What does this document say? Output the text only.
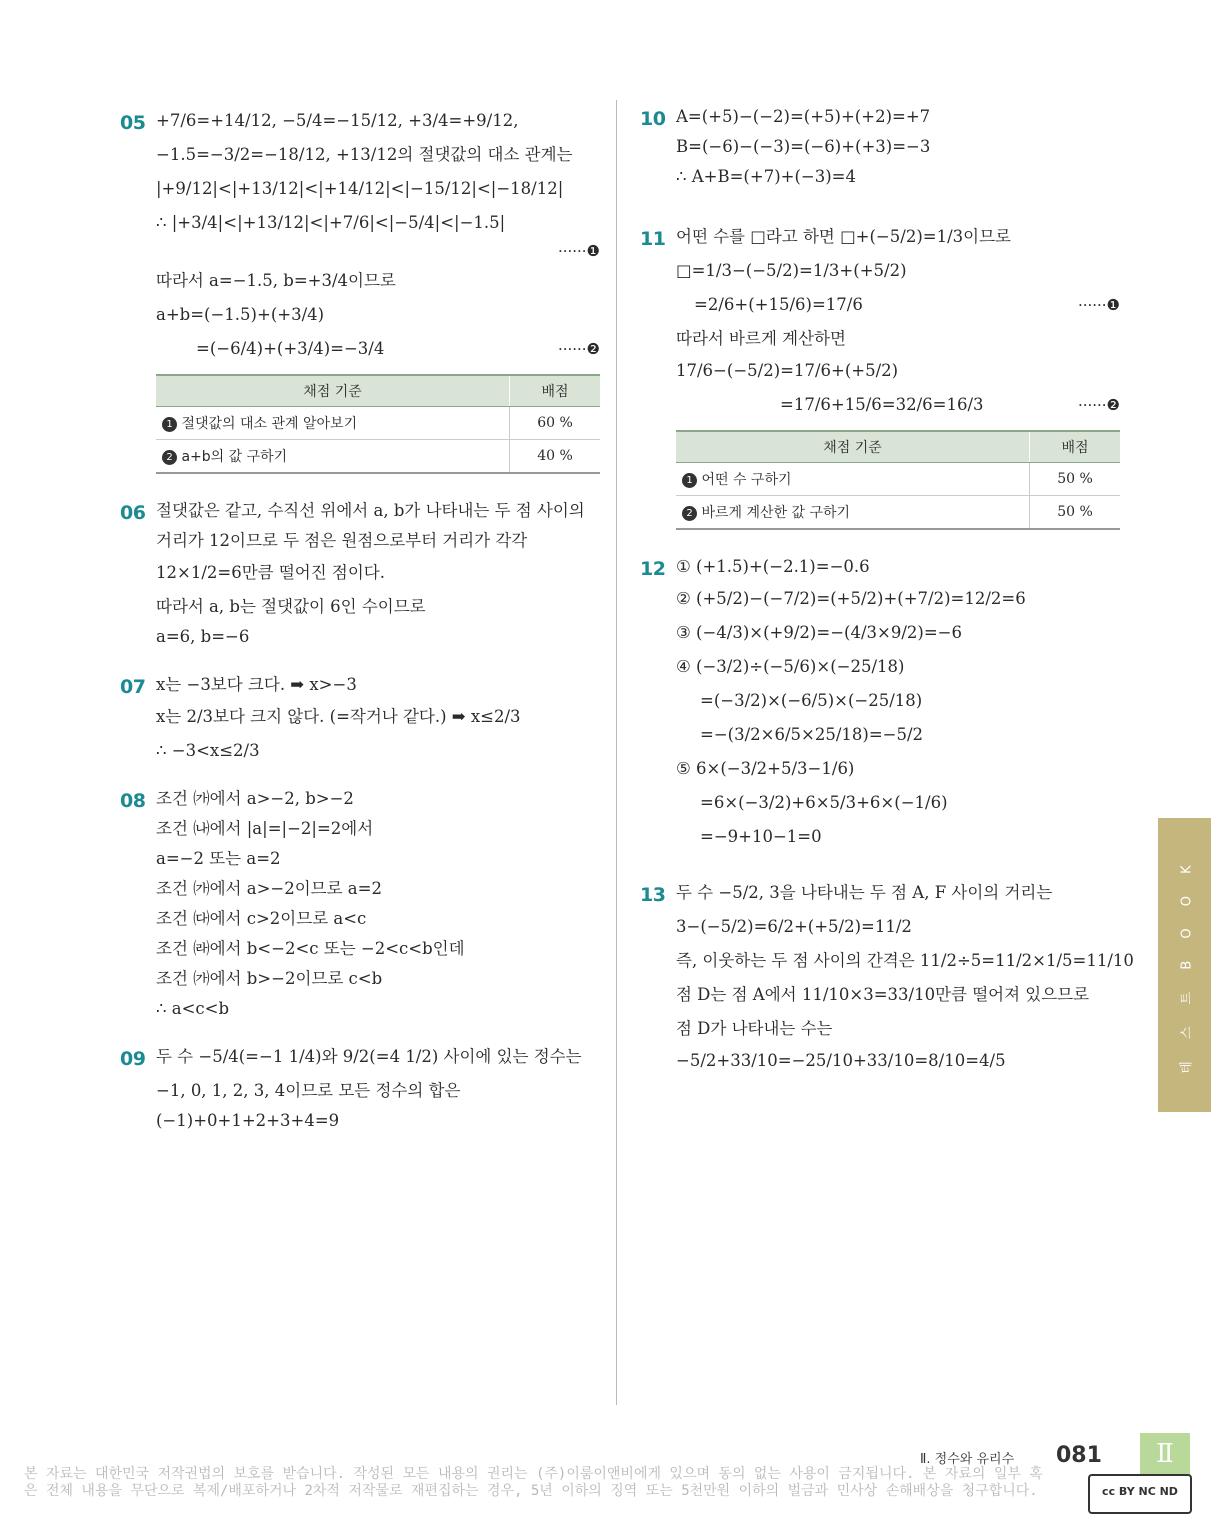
05 +7/6=+14/12, −5/4=−15/12, +3/4=+9/12,
−1.5=−3/2=−18/12, +13/12의 절댓값의 대소 관계는
|+9/12|<|+13/12|<|+14/12|<|−15/12|<|−18/12|
∴ |+3/4|<|+13/12|<|+7/6|<|−5/4|<|−1.5|
······❶
따라서 a=−1.5, b=+3/4이므로
a+b=(−1.5)+(+3/4)
=(−6/4)+(+3/4)=−3/4	······❷
채점 기준	배점
1 절댓값의 대소 관계 알아보기	60 %
2 a+b의 값 구하기	40 %
06 절댓값은 같고, 수직선 위에서 a, b가 나타내는 두 점 사이의
거리가 12이므로 두 점은 원점으로부터 거리가 각각
12×1/2=6만큼 떨어진 점이다.
따라서 a, b는 절댓값이 6인 수이므로
a=6, b=−6
07 x는 −3보다 크다. ➡ x>−3
x는 2/3보다 크지 않다. (=작거나 같다.) ➡ x≤2/3
∴ −3<x≤2/3
08 조건 ㈎에서 a>−2, b>−2
조건 ㈏에서 |a|=|−2|=2에서
a=−2 또는 a=2
조건 ㈎에서 a>−2이므로 a=2
조건 ㈐에서 c>2이므로 a<c
조건 ㈑에서 b<−2<c 또는 −2<c<b인데
조건 ㈎에서 b>−2이므로 c<b
∴ a<c<b
09 두 수 −5/4(=−1 1/4)와 9/2(=4 1/2) 사이에 있는 정수는
−1, 0, 1, 2, 3, 4이므로 모든 정수의 합은
(−1)+0+1+2+3+4=9
10 A=(+5)−(−2)=(+5)+(+2)=+7
B=(−6)−(−3)=(−6)+(+3)=−3
∴ A+B=(+7)+(−3)=4
11 어떤 수를 □라고 하면 □+(−5/2)=1/3이므로
□=1/3−(−5/2)=1/3+(+5/2)
=2/6+(+15/6)=17/6	······❶
따라서 바르게 계산하면
17/6−(−5/2)=17/6+(+5/2)
=17/6+15/6=32/6=16/3	······❷
채점 기준	배점
1 어떤 수 구하기	50 %
2 바르게 계산한 값 구하기	50 %
12 ① (+1.5)+(−2.1)=−0.6
② (+5/2)−(−7/2)=(+5/2)+(+7/2)=12/2=6
③ (−4/3)×(+9/2)=−(4/3×9/2)=−6
④ (−3/2)÷(−5/6)×(−25/18)
=(−3/2)×(−6/5)×(−25/18)
=−(3/2×6/5×25/18)=−5/2
⑤ 6×(−3/2+5/3−1/6)
=6×(−3/2)+6×5/3+6×(−1/6)
=−9+10−1=0
13 두 수 −5/2, 3을 나타내는 두 점 A, F 사이의 거리는
3−(−5/2)=6/2+(+5/2)=11/2
즉, 이웃하는 두 점 사이의 간격은 11/2÷5=11/2×1/5=11/10
점 D는 점 A에서 11/10×3=33/10만큼 떨어져 있으므로
점 D가 나타내는 수는
−5/2+33/10=−25/10+33/10=8/10=4/5	테 스 트 B O O K
Ⅱ. 정수와 유리수 081	Ⅱ
본 자료는 대한민국 저작권법의 보호를 받습니다. 작성된 모든 내용의 권리는 (주)이룸이앤비에게 있으며 동의 없는 사용이 금지됩니다. 본 자료의 일부 혹은 전체 내용을 무단으로 복제/배포하거나 2차적 저작물로 재편집하는 경우, 5년 이하의 징역 또는 5천만원 이하의 벌금과 민사상 손해배상을 청구합니다.	cc BY NC ND
